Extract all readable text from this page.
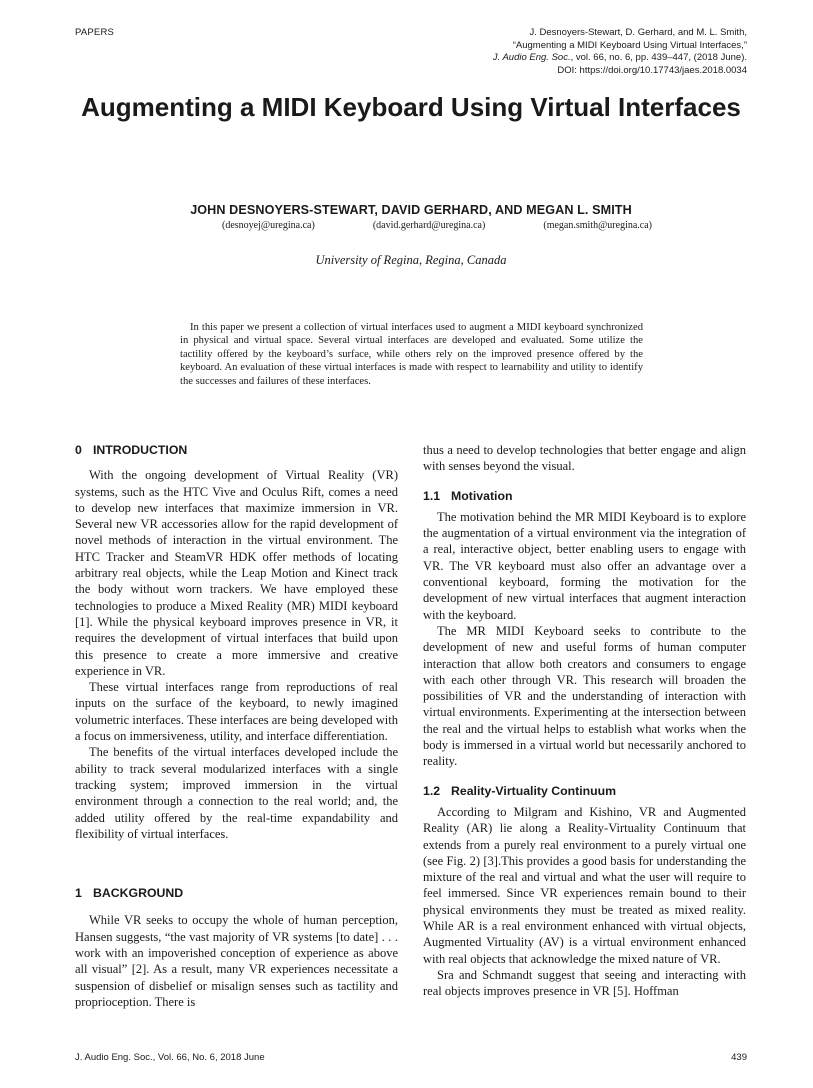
PAPERS	J. Desnoyers-Stewart, D. Gerhard, and M. L. Smith,
“Augmenting a MIDI Keyboard Using Virtual Interfaces,”
J. Audio Eng. Soc., vol. 66, no. 6, pp. 439–447, (2018 June).
DOI: https://doi.org/10.17743/jaes.2018.0034
Augmenting a MIDI Keyboard Using Virtual Interfaces

JOHN DESNOYERS-STEWART, DAVID GERHARD, AND MEGAN L. SMITH

(desnoyej@uregina.ca)	(david.gerhard@uregina.ca)	(megan.smith@uregina.ca)
University of Regina, Regina, Canada

In this paper we present a collection of virtual interfaces used to augment a MIDI keyboard synchronized in physical and virtual space. Several virtual interfaces are developed and evaluated. Some utilize the tactility offered by the keyboard’s surface, while others rely on the improved presence offered by the keyboard. An evaluation of these virtual interfaces is made with respect to learnability and utility to identify the successes and failures of these interfaces.

0 INTRODUCTION

With the ongoing development of Virtual Reality (VR) systems, such as the HTC Vive and Oculus Rift, comes a need to develop new interfaces that maximize immersion in VR. Several new VR accessories allow for the rapid development of novel methods of interaction in the virtual environment. The HTC Tracker and SteamVR HDK offer methods of locating arbitrary real objects, while the Leap Motion and Kinect track the body without worn trackers. We have employed these technologies to produce a Mixed Reality (MR) MIDI keyboard [1]. While the physical keyboard improves presence in VR, it requires the development of virtual interfaces that build upon this presence to create a more immersive and creative experience in VR.

These virtual interfaces range from reproductions of real inputs on the surface of the keyboard, to newly imagined volumetric interfaces. These interfaces are being developed with a focus on immersiveness, utility, and interface differentiation.

The benefits of the virtual interfaces developed include the ability to track several modularized interfaces with a single tracking system; improved immersion in the virtual environment through a connection to the real world; and, the added utility offered by the real-time expandability and flexibility of virtual interfaces.

1 BACKGROUND

While VR seeks to occupy the whole of human perception, Hansen suggests, “the vast majority of VR systems [to date] . . . work with an impoverished conception of experience as above all visual” [2]. As a result, many VR experiences necessitate a suspension of disbelief or misalign senses such as tactility and proprioception. There is

thus a need to develop technologies that better engage and align with senses beyond the visual.

1.1 Motivation

The motivation behind the MR MIDI Keyboard is to explore the augmentation of a virtual environment via the integration of a real, interactive object, better enabling users to engage with VR. The VR keyboard must also offer an advantage over a conventional keyboard, forming the motivation for the development of new virtual interfaces that augment interaction with the keyboard.

The MR MIDI Keyboard seeks to contribute to the development of new and useful forms of human computer interaction that allow both creators and consumers to engage with each other through VR. This research will broaden the possibilities of VR and the understanding of interaction with virtual environments. Experimenting at the intersection between the real and the virtual helps to establish what works when the body is immersed in a virtual world but necessarily anchored to reality.

1.2 Reality-Virtuality Continuum

According to Milgram and Kishino, VR and Augmented Reality (AR) lie along a Reality-Virtuality Continuum that extends from a purely real environment to a purely virtual one (see Fig. 2) [3].This provides a good basis for understanding the mixture of the real and virtual and what the user will require to feel immersed. Since VR experiences remain bound to their physical environments they must be treated as mixed reality. While AR is a real environment enhanced with virtual objects, Augmented Virtuality (AV) is a virtual environment enhanced with real objects that acknowledge the mixed nature of VR.

Sra and Schmandt suggest that seeing and interacting with real objects improves presence in VR [5]. Hoffman

J. Audio Eng. Soc., Vol. 66, No. 6, 2018 June	439
